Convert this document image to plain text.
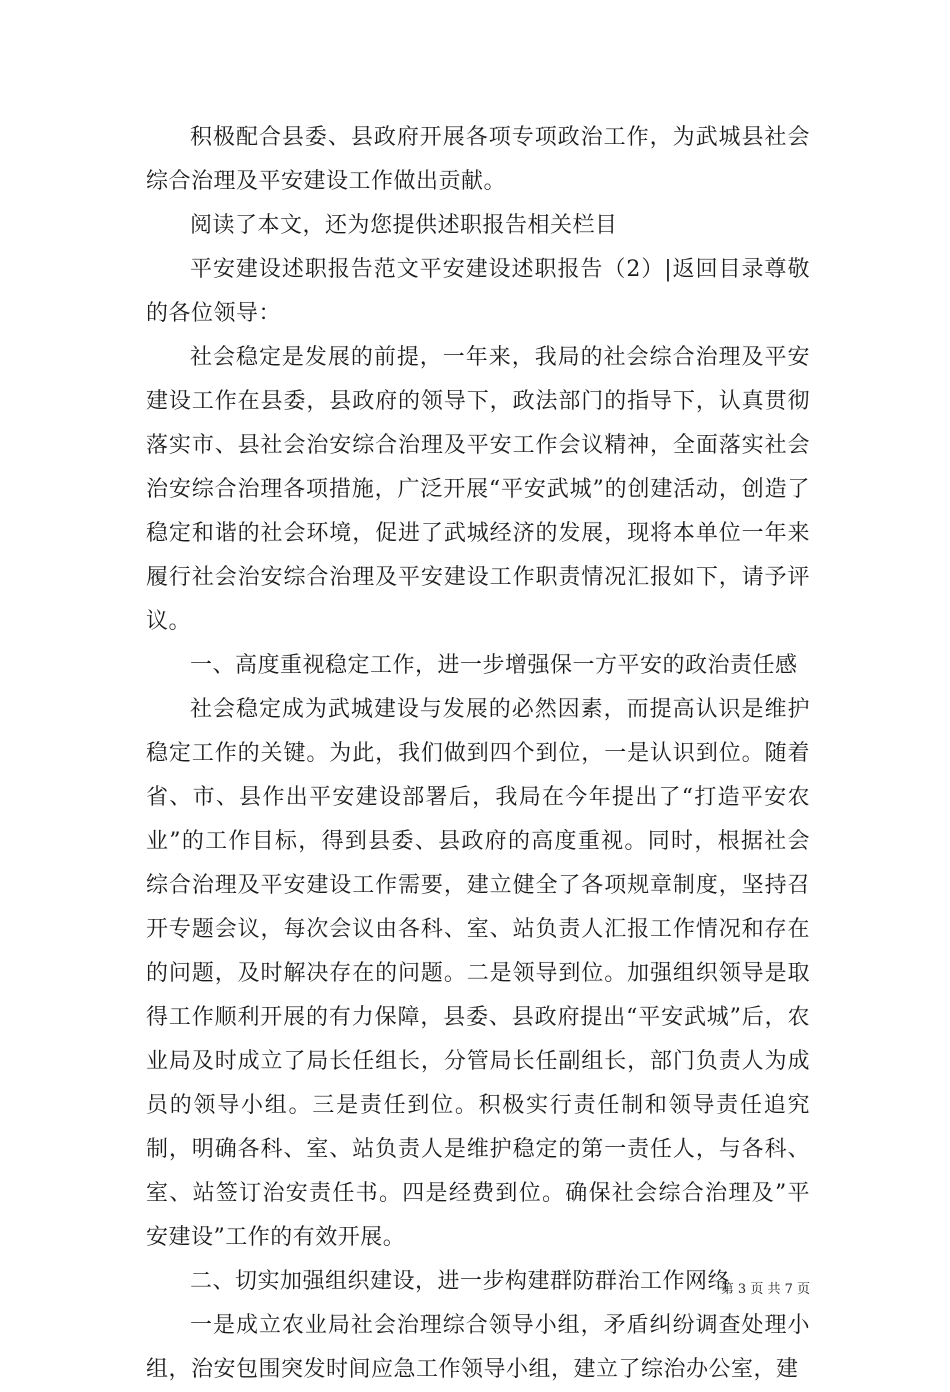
积极配合县委、县政府开展各项专项政治工作，为武城县社会综合治理及平安建设工作做出贡献。

阅读了本文，还为您提供述职报告相关栏目

平安建设述职报告范文平安建设述职报告（2）|返回目录尊敬的各位领导：

社会稳定是发展的前提，一年来，我局的社会综合治理及平安建设工作在县委，县政府的领导下，政法部门的指导下，认真贯彻落实市、县社会治安综合治理及平安工作会议精神，全面落实社会治安综合治理各项措施，广泛开展“平安武城”的创建活动，创造了稳定和谐的社会环境，促进了武城经济的发展，现将本单位一年来履行社会治安综合治理及平安建设工作职责情况汇报如下，请予评议。

一、高度重视稳定工作，进一步增强保一方平安的政治责任感

社会稳定成为武城建设与发展的必然因素，而提高认识是维护稳定工作的关键。为此，我们做到四个到位，一是认识到位。随着省、市、县作出平安建设部署后，我局在今年提出了“打造平安农业”的工作目标，得到县委、县政府的高度重视。同时，根据社会综合治理及平安建设工作需要，建立健全了各项规章制度，坚持召开专题会议，每次会议由各科、室、站负责人汇报工作情况和存在的问题，及时解决存在的问题。二是领导到位。加强组织领导是取得工作顺利开展的有力保障，县委、县政府提出“平安武城”后，农业局及时成立了局长任组长，分管局长任副组长，部门负责人为成员的领导小组。三是责任到位。积极实行责任制和领导责任追究制，明确各科、室、站负责人是维护稳定的第一责任人，与各科、室、站签订治安责任书。四是经费到位。确保社会综合治理及”平安建设”工作的有效开展。

二、切实加强组织建设，进一步构建群防群治工作网络

一是成立农业局社会治理综合领导小组，矛盾纠纷调查处理小组，治安包围突发时间应急工作领导小组，建立了综治办公室，建

第 3 页 共 7 页
